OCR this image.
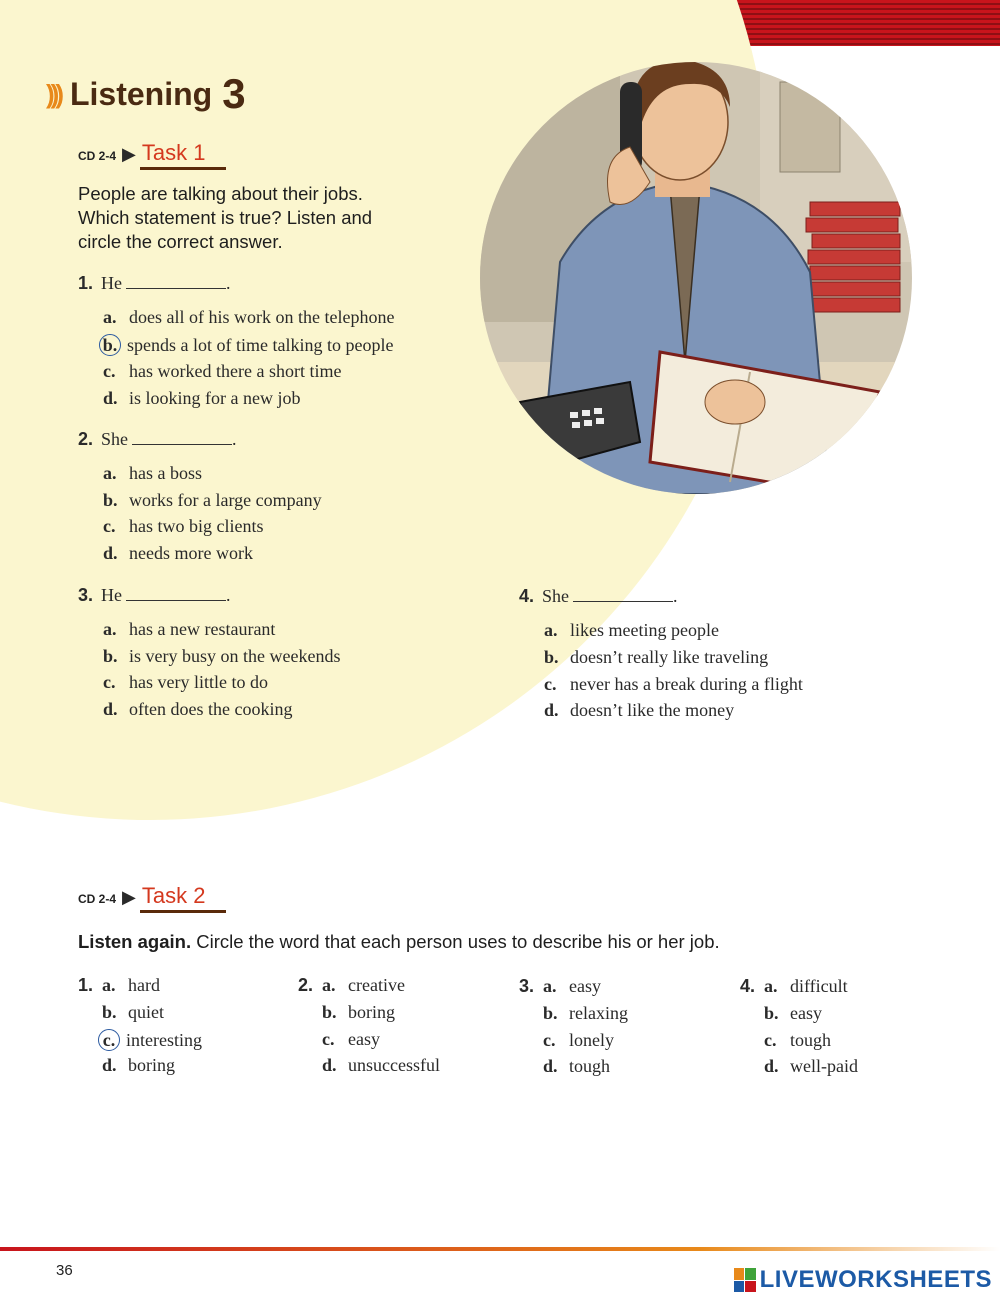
))) Listening 3
CD 2-4 ▶ Task 1
People are talking about their jobs. Which statement is true? Listen and circle the correct answer.
1. He	.
a. does all of his work on the telephone
b. spends a lot of time talking to people
c. has worked there a short time
d. is looking for a new job
2. She	.
a. has a boss
b. works for a large company
c. has two big clients
d. needs more work
3. He	.
a. has a new restaurant
b. is very busy on the weekends
c. has very little to do
d. often does the cooking
4. She	.
a. likes meeting people
b. doesn’t really like traveling
c. never has a break during a flight
d. doesn’t like the money
CD 2-4 ▶ Task 2
Listen again. Circle the word that each person uses to describe his or her job.
1. a. hard
b. quiet
c. interesting
d. boring
2. a. creative
b. boring
c. easy
d. unsuccessful
3. a. easy
b. relaxing
c. lonely
d. tough
4. a. difficult
b. easy
c. tough
d. well-paid
36	LIVEWORKSHEETS
